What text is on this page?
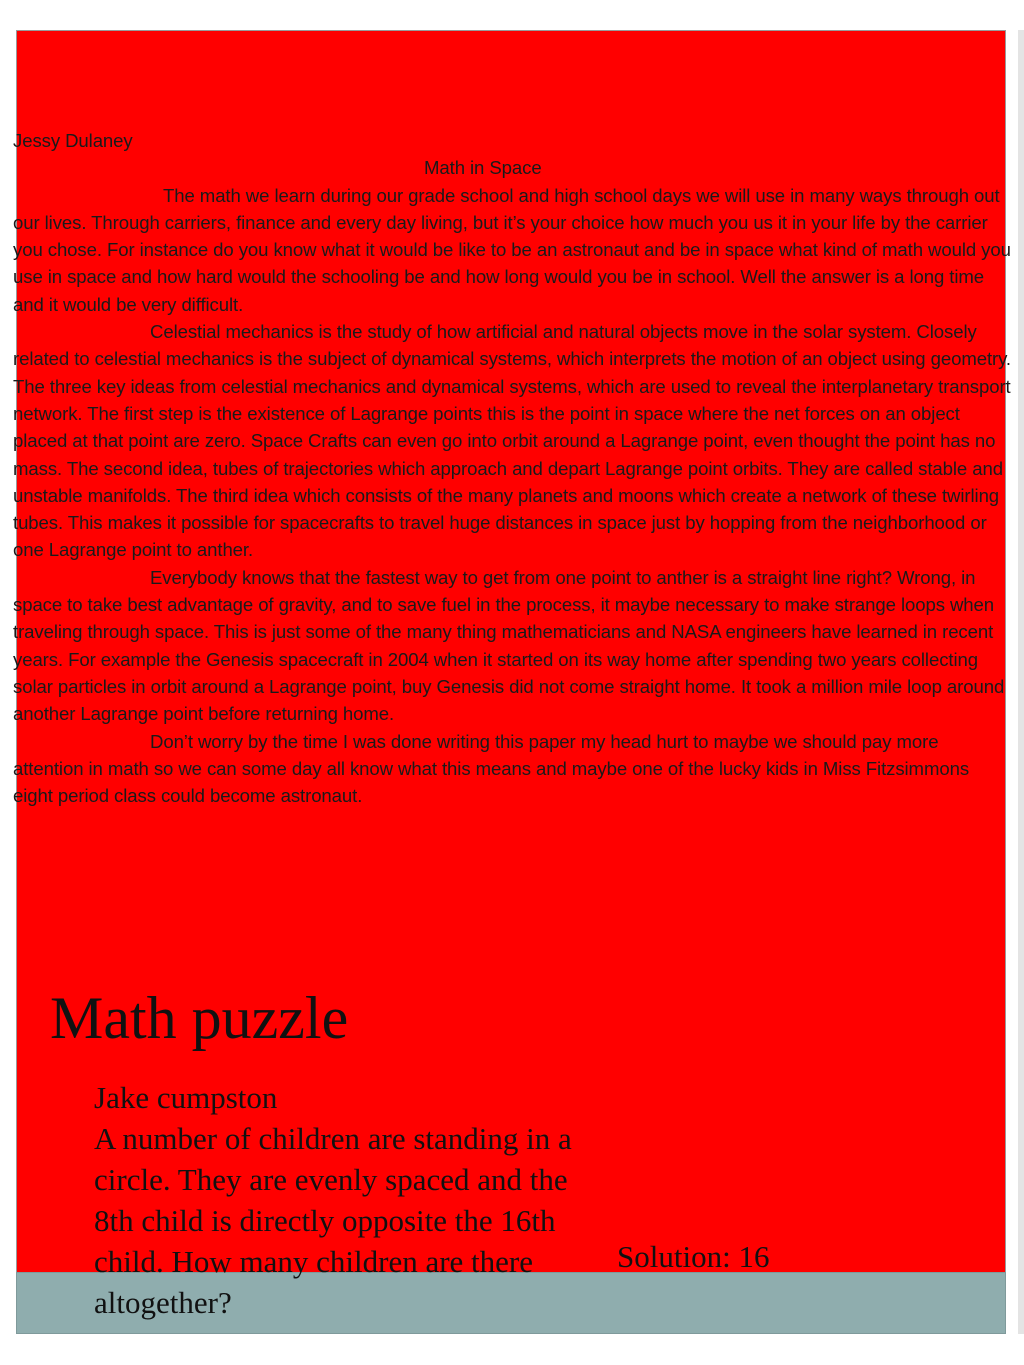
Jessy Dulaney
Math in Space

The math we learn during our grade school and high school days we will use in many ways through out our lives. Through carriers, finance and every day living, but it’s your choice how much you us it in your life by the carrier you chose. For instance do you know what it would be like to be an astronaut and be in space what kind of math would you use in space and how hard would the schooling be and how long would you be in school. Well the answer is a long time and it would be very difficult.

Celestial mechanics is the study of how artificial and natural objects move in the solar system. Closely related to celestial mechanics is the subject of dynamical systems, which interprets the motion of an object using geometry. The three key ideas from celestial mechanics and dynamical systems, which are used to reveal the interplanetary transport network. The first step is the existence of Lagrange points this is the point in space where the net forces on an object placed at that point are zero. Space Crafts can even go into orbit around a Lagrange point, even thought the point has no mass. The second idea, tubes of trajectories which approach and depart Lagrange point orbits. They are called stable and unstable manifolds. The third idea which consists of the many planets and moons which create a network of these twirling tubes. This makes it possible for spacecrafts to travel huge distances in space just by hopping from the neighborhood or one Lagrange point to anther.

Everybody knows that the fastest way to get from one point to anther is a straight line right? Wrong, in space to take best advantage of gravity, and to save fuel in the process, it maybe necessary to make strange loops when traveling through space. This is just some of the many thing mathematicians and NASA engineers have learned in recent years. For example the Genesis spacecraft in 2004 when it started on its way home after spending two years collecting solar particles in orbit around a Lagrange point, buy Genesis did not come straight home. It took a million mile loop around another Lagrange point before returning home.

Don’t worry by the time I was done writing this paper my head hurt to maybe we should pay more attention in math so we can some day all know what this means and maybe one of the lucky kids in Miss Fitzsimmons eight period class could become astronaut.

Math puzzle
Jake cumpston
A number of children are standing in a circle. They are evenly spaced and the 8th child is directly opposite the 16th child. How many children are there altogether?
Solution: 16
